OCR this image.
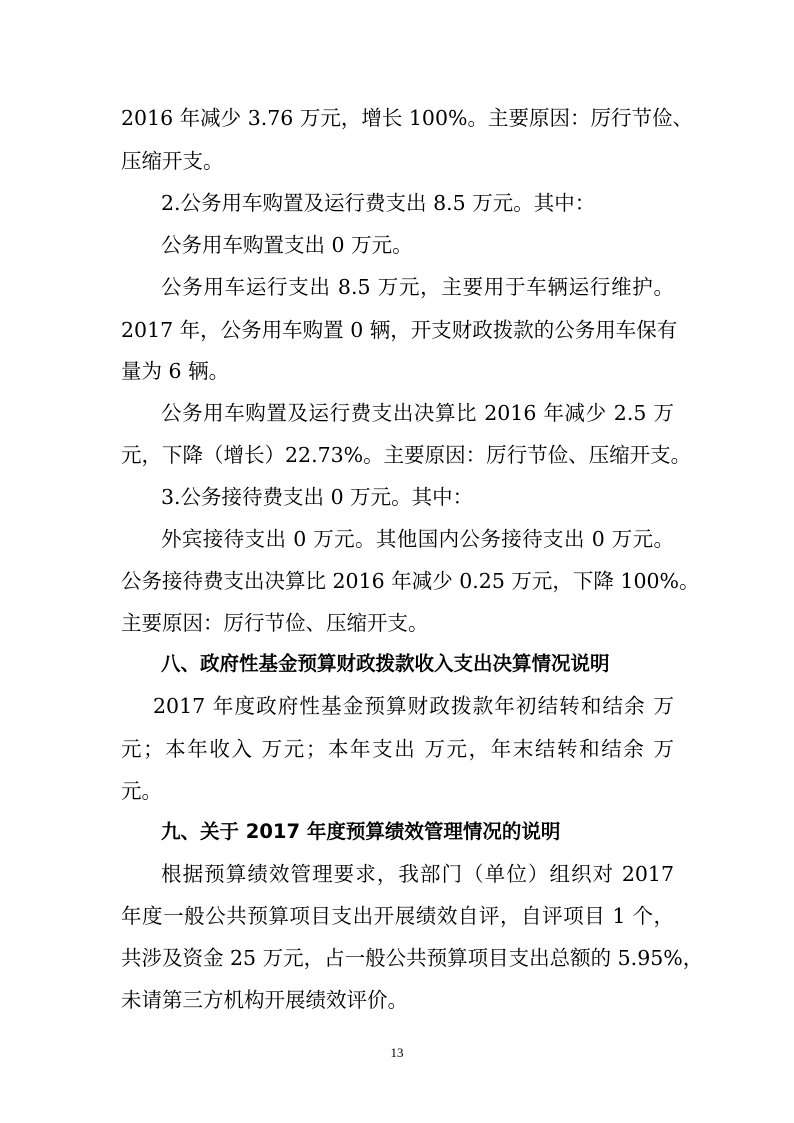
2016 年减少 3.76 万元，增长 100%。主要原因：厉行节俭、
压缩开支。
2.公务用车购置及运行费支出 8.5 万元。其中：
公务用车购置支出 0 万元。
公务用车运行支出 8.5 万元，主要用于车辆运行维护。
2017 年，公务用车购置 0 辆，开支财政拨款的公务用车保有
量为 6 辆。
公务用车购置及运行费支出决算比 2016 年减少 2.5 万
元，下降（增长）22.73%。主要原因：厉行节俭、压缩开支。
3.公务接待费支出 0 万元。其中：
外宾接待支出 0 万元。其他国内公务接待支出 0 万元。
公务接待费支出决算比 2016 年减少 0.25 万元，下降 100%。
主要原因：厉行节俭、压缩开支。
八、政府性基金预算财政拨款收入支出决算情况说明
2017 年度政府性基金预算财政拨款年初结转和结余 万
元；本年收入 万元；本年支出 万元，年末结转和结余 万
元。
九、关于 2017 年度预算绩效管理情况的说明
根据预算绩效管理要求，我部门（单位）组织对 2017
年度一般公共预算项目支出开展绩效自评，自评项目 1 个，
共涉及资金 25 万元，占一般公共预算项目支出总额的 5.95%，
未请第三方机构开展绩效评价。
13
